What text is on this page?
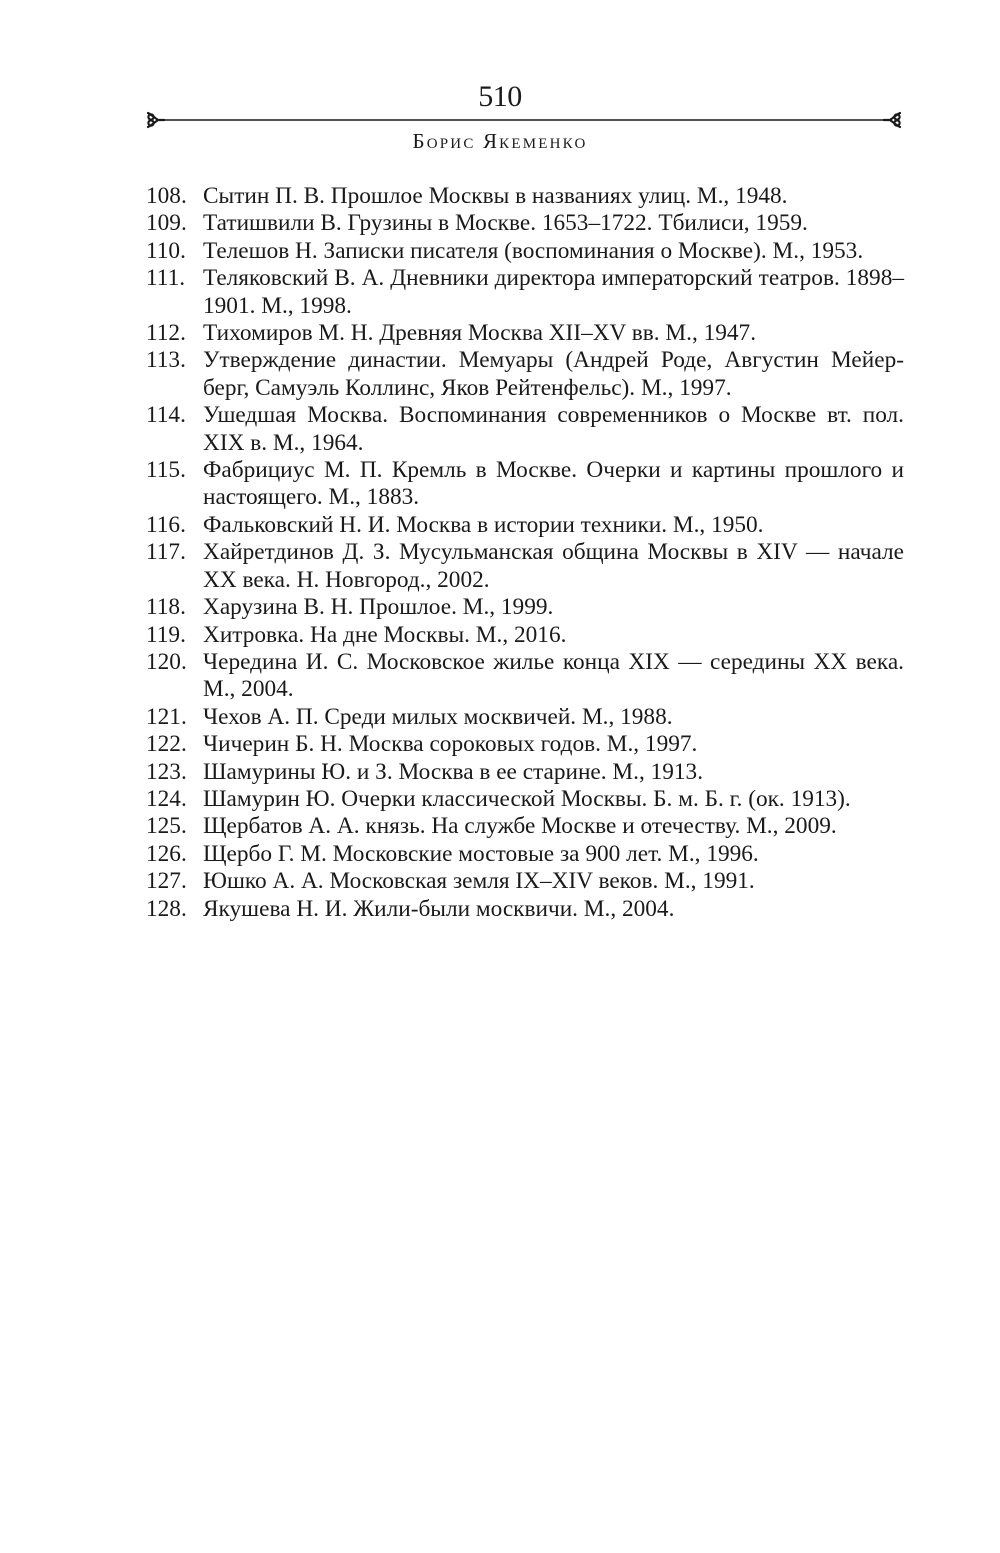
510
Борис Якеменко
108. Сытин П. В. Прошлое Москвы в названиях улиц. М., 1948.
109. Татишвили В. Грузины в Москве. 1653–1722. Тбилиси, 1959.
110. Телешов Н. Записки писателя (воспоминания о Москве). М., 1953.
111. Теляковский В. А. Дневники директора императорский театров. 1898–1901. М., 1998.
112. Тихомиров М. Н. Древняя Москва XII–XV вв. М., 1947.
113. Утверждение династии. Мемуары (Андрей Роде, Августин Мейерберг, Самуэль Коллинс, Яков Рейтенфельс). М., 1997.
114. Ушедшая Москва. Воспоминания современников о Москве вт. пол. XIX в. М., 1964.
115. Фабрициус М. П. Кремль в Москве. Очерки и картины прошлого и настоящего. М., 1883.
116. Фальковский Н. И. Москва в истории техники. М., 1950.
117. Хайретдинов Д. З. Мусульманская община Москвы в XIV — начале XX века. Н. Новгород., 2002.
118. Харузина В. Н. Прошлое. М., 1999.
119. Хитровка. На дне Москвы. М., 2016.
120. Чередина И. С. Московское жилье конца XIX — середины XX века. М., 2004.
121. Чехов А. П. Среди милых москвичей. М., 1988.
122. Чичерин Б. Н. Москва сороковых годов. М., 1997.
123. Шамурины Ю. и З. Москва в ее старине. М., 1913.
124. Шамурин Ю. Очерки классической Москвы. Б. м. Б. г. (ок. 1913).
125. Щербатов А. А. князь. На службе Москве и отечеству. М., 2009.
126. Щербо Г. М. Московские мостовые за 900 лет. М., 1996.
127. Юшко А. А. Московская земля IX–XIV веков. М., 1991.
128. Якушева Н. И. Жили-были москвичи. М., 2004.
